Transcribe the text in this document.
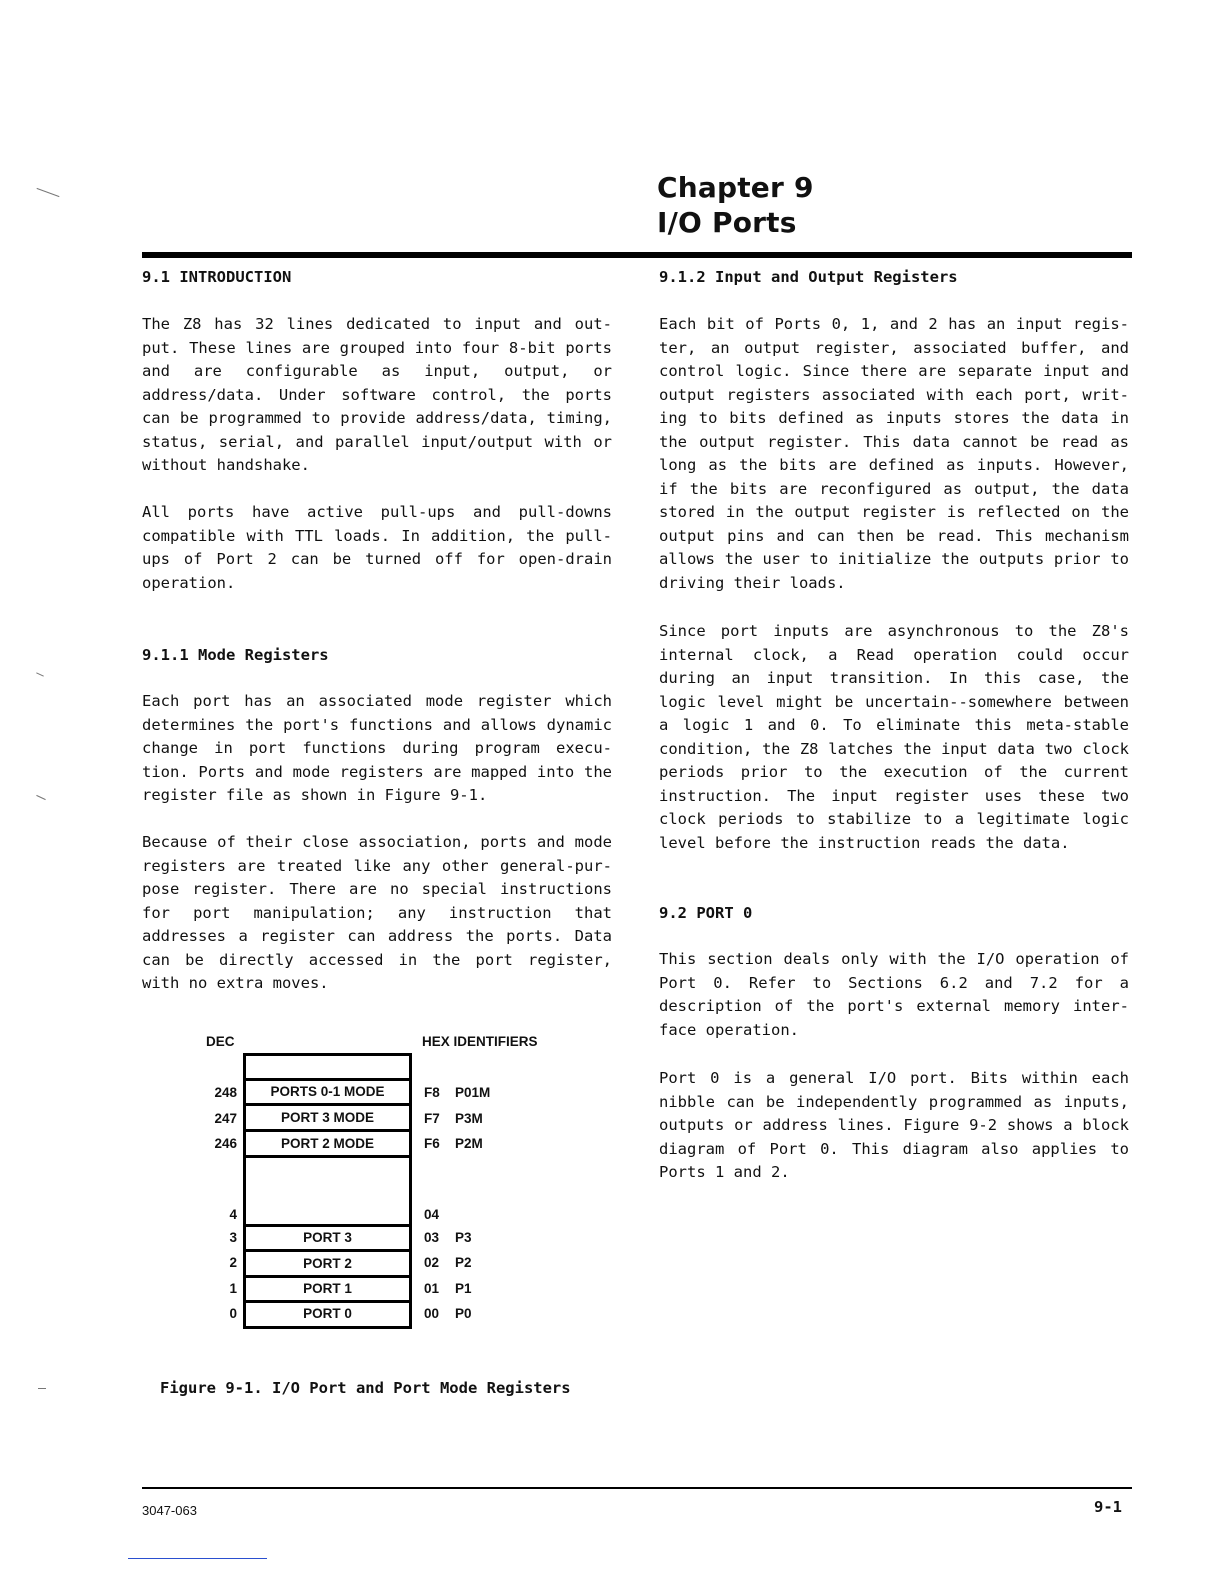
Chapter 9
I/O Ports
9.1 INTRODUCTION

The Z8 has 32 lines dedicated to input and out-put. These lines are grouped into four 8-bit ports and are configurable as input, output, or address/data. Under software control, the ports can be programmed to provide address/data, timing, status, serial, and parallel input/output with or without handshake.

All ports have active pull-ups and pull-downs compatible with TTL loads. In addition, the pull-ups of Port 2 can be turned off for open-drain operation.

9.1.1 Mode Registers

Each port has an associated mode register which determines the port's functions and allows dynamic change in port functions during program execu-tion. Ports and mode registers are mapped into the register file as shown in Figure 9-1.

Because of their close association, ports and mode registers are treated like any other general-pur-pose register. There are no special instructions for port manipulation; any instruction that addresses a register can address the ports. Data can be directly accessed in the port register, with no extra moves.

DEC	HEX IDENTIFIERS
PORTS 0-1 MODE
PORT 3 MODE
PORT 2 MODE
PORT 3
PORT 2
PORT 1
PORT 0
248
247
246
4
3
2
1
0
F8 P01M
F7 P3M
F6 P2M
04
03 P3
02 P2
01 P1
00 P0
Figure 9-1. I/O Port and Port Mode Registers
9.1.2 Input and Output Registers

Each bit of Ports 0, 1, and 2 has an input regis-ter, an output register, associated buffer, and control logic. Since there are separate input and output registers associated with each port, writ-ing to bits defined as inputs stores the data in the output register. This data cannot be read as long as the bits are defined as inputs. However, if the bits are reconfigured as output, the data stored in the output register is reflected on the output pins and can then be read. This mechanism allows the user to initialize the outputs prior to driving their loads.

Since port inputs are asynchronous to the Z8's internal clock, a Read operation could occur during an input transition. In this case, the logic level might be uncertain--somewhere between a logic 1 and 0. To eliminate this meta-stable condition, the Z8 latches the input data two clock periods prior to the execution of the current instruction. The input register uses these two clock periods to stabilize to a legitimate logic level before the instruction reads the data.

9.2 PORT 0

This section deals only with the I/O operation of Port 0. Refer to Sections 6.2 and 7.2 for a description of the port's external memory inter-face operation.

Port 0 is a general I/O port. Bits within each nibble can be independently programmed as inputs, outputs or address lines. Figure 9-2 shows a block diagram of Port 0. This diagram also applies to Ports 1 and 2.

3047-063	9-1
